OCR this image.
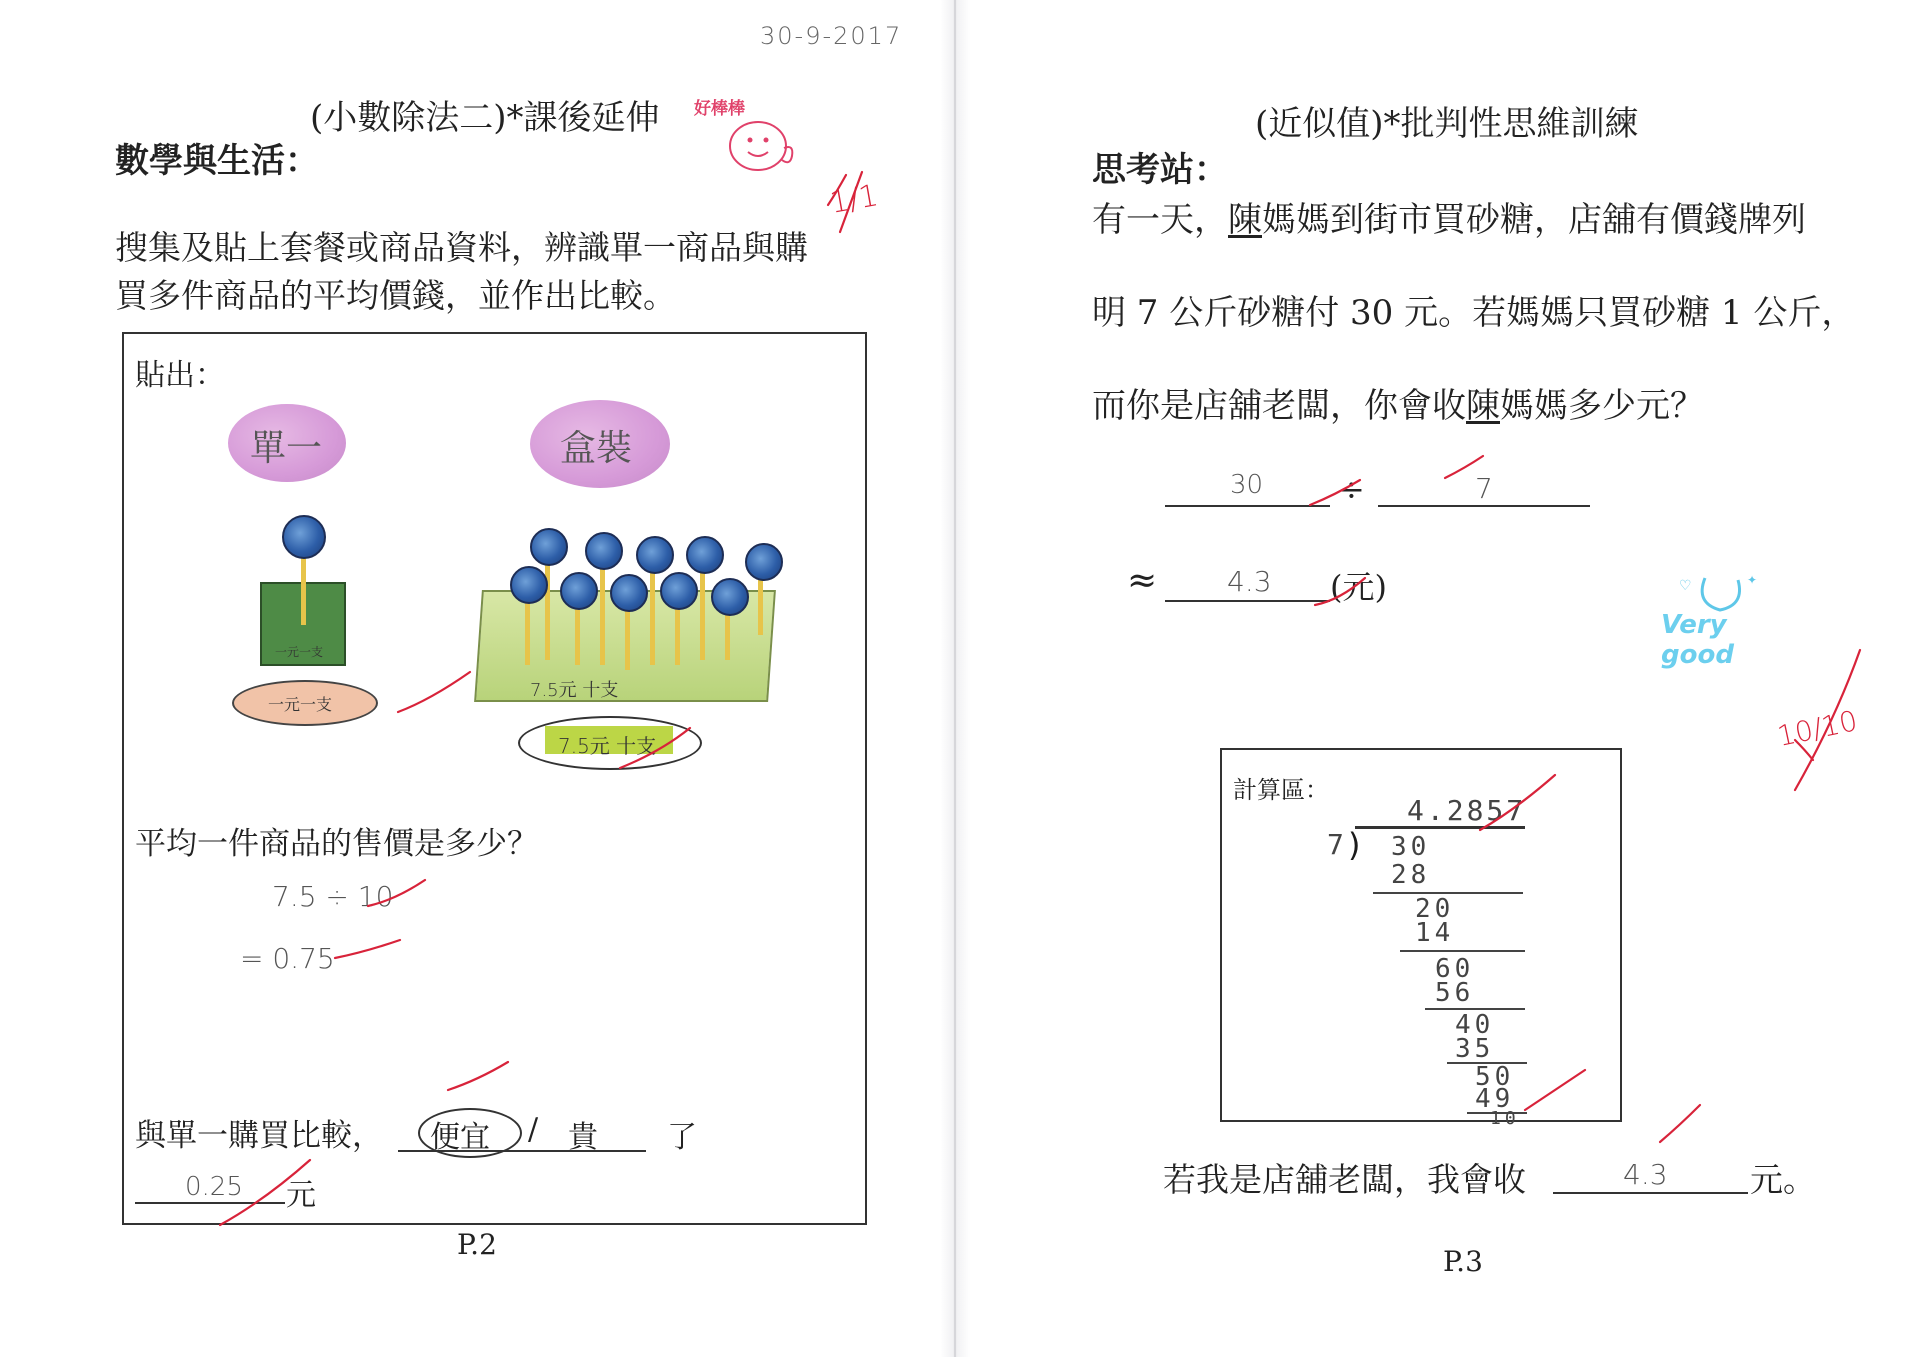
30-9-2017
(小數除法二)*課後延伸 好棒棒
數學與生活：
搜集及貼上套餐或商品資料，辨識單一商品與購
買多件商品的平均價錢，並作出比較。
1/1
貼出：
單一	盒裝
一元一支
一元一支
7.5元 十支
7.5元 十支
平均一件商品的售價是多少？
7.5 ÷ 10
= 0.75
與單一購買比較， 便宜 / 貴 了
0.25 元
P.2
(近似值)*批判性思維訓練
思考站：
有一天，陳媽媽到街市買砂糖，店舖有價錢牌列
明 7 公斤砂糖付 30 元。若媽媽只買砂糖 1 公斤，
而你是店舖老闆，你會收陳媽媽多少元？
30 ÷	7
≈ 4.3 (元)	♡	✦
Very good
10/10
計算區：
4.2857
7 ) 30
28
20
14
60
56
40
35
50
49
10
若我是店舖老闆，我會收	4.3 元。
P.3
